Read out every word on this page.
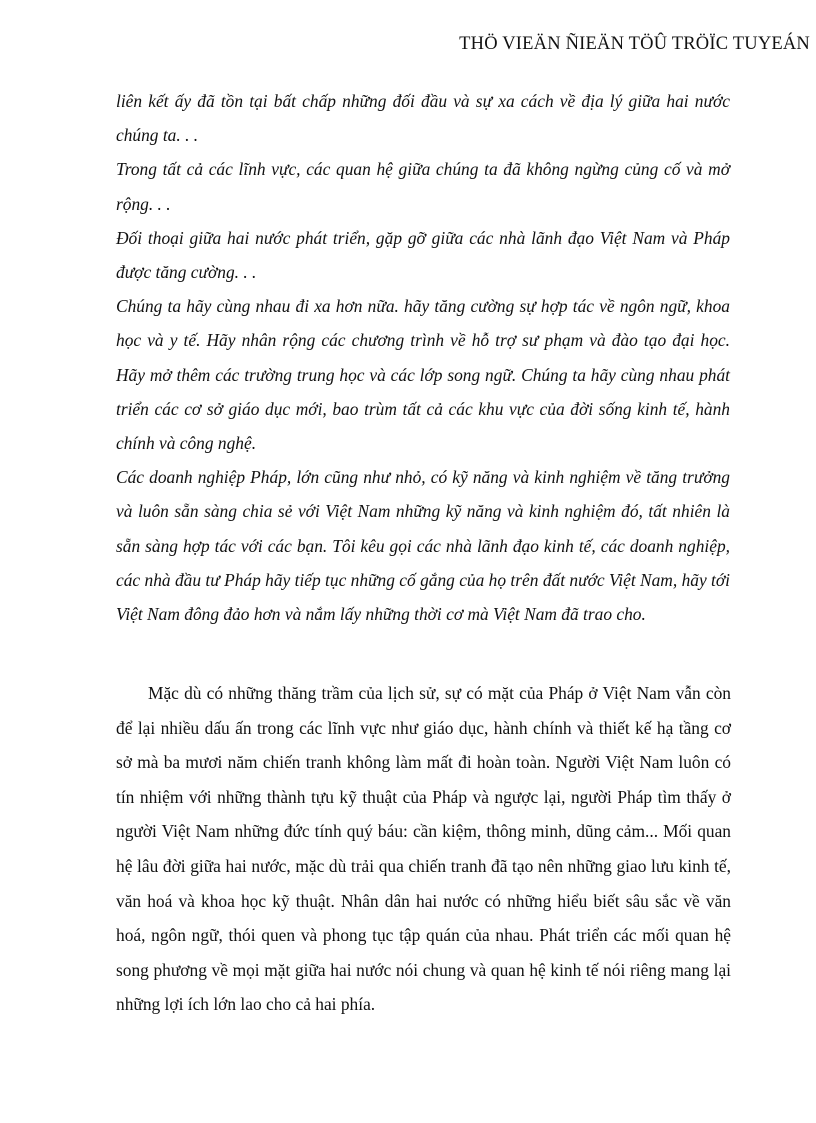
THÖ VIEÄN ÑIEÄN TÖÛ TRÖÏC TUYEÁN

liên kết ấy đã tồn tại bất chấp những đối đầu và sự xa cách về địa lý giữa hai nước chúng ta. . .

Trong tất cả các lĩnh vực, các quan hệ giữa chúng ta đã không ngừng củng cố và mở rộng. . .

Đối thoại giữa hai nước phát triển, gặp gỡ giữa các nhà lãnh đạo Việt Nam và Pháp được tăng cường. . .

Chúng ta hãy cùng nhau đi xa hơn nữa. hãy tăng cường sự hợp tác về ngôn ngữ, khoa học và y tế. Hãy nhân rộng các chương trình về hỗ trợ sư phạm và đào tạo đại học. Hãy mở thêm các trường trung học và các lớp song ngữ. Chúng ta hãy cùng nhau phát triển các cơ sở giáo dục mới, bao trùm tất cả các khu vực của đời sống kinh tế, hành chính và công nghệ.

Các doanh nghiệp Pháp, lớn cũng như nhỏ, có kỹ năng và kinh nghiệm về tăng trưởng và luôn sẵn sàng chia sẻ với Việt Nam những kỹ năng và kinh nghiệm đó, tất nhiên là sẵn sàng hợp tác với các bạn. Tôi kêu gọi các nhà lãnh đạo kinh tế, các doanh nghiệp, các nhà đầu tư Pháp hãy tiếp tục những cố gắng của họ trên đất nước Việt Nam, hãy tới Việt Nam đông đảo hơn và nắm lấy những thời cơ mà Việt Nam đã trao cho.

Mặc dù có những thăng trầm của lịch sử, sự có mặt của Pháp ở Việt Nam vẫn còn để lại nhiều dấu ấn trong các lĩnh vực như giáo dục, hành chính và thiết kế hạ tầng cơ sở mà ba mươi năm chiến tranh không làm mất đi hoàn toàn. Người Việt Nam luôn có tín nhiệm với những thành tựu kỹ thuật của Pháp và ngược lại, người Pháp tìm thấy ở người Việt Nam những đức tính quý báu: cần kiệm, thông minh, dũng cảm... Mối quan hệ lâu đời giữa hai nước, mặc dù trải qua chiến tranh đã tạo nên những giao lưu kinh tế, văn hoá và khoa học kỹ thuật. Nhân dân hai nước có những hiểu biết sâu sắc về văn hoá, ngôn ngữ, thói quen và phong tục tập quán của nhau. Phát triển các mối quan hệ song phương về mọi mặt giữa hai nước nói chung và quan hệ kinh tế nói riêng mang lại những lợi ích lớn lao cho cả hai phía.
